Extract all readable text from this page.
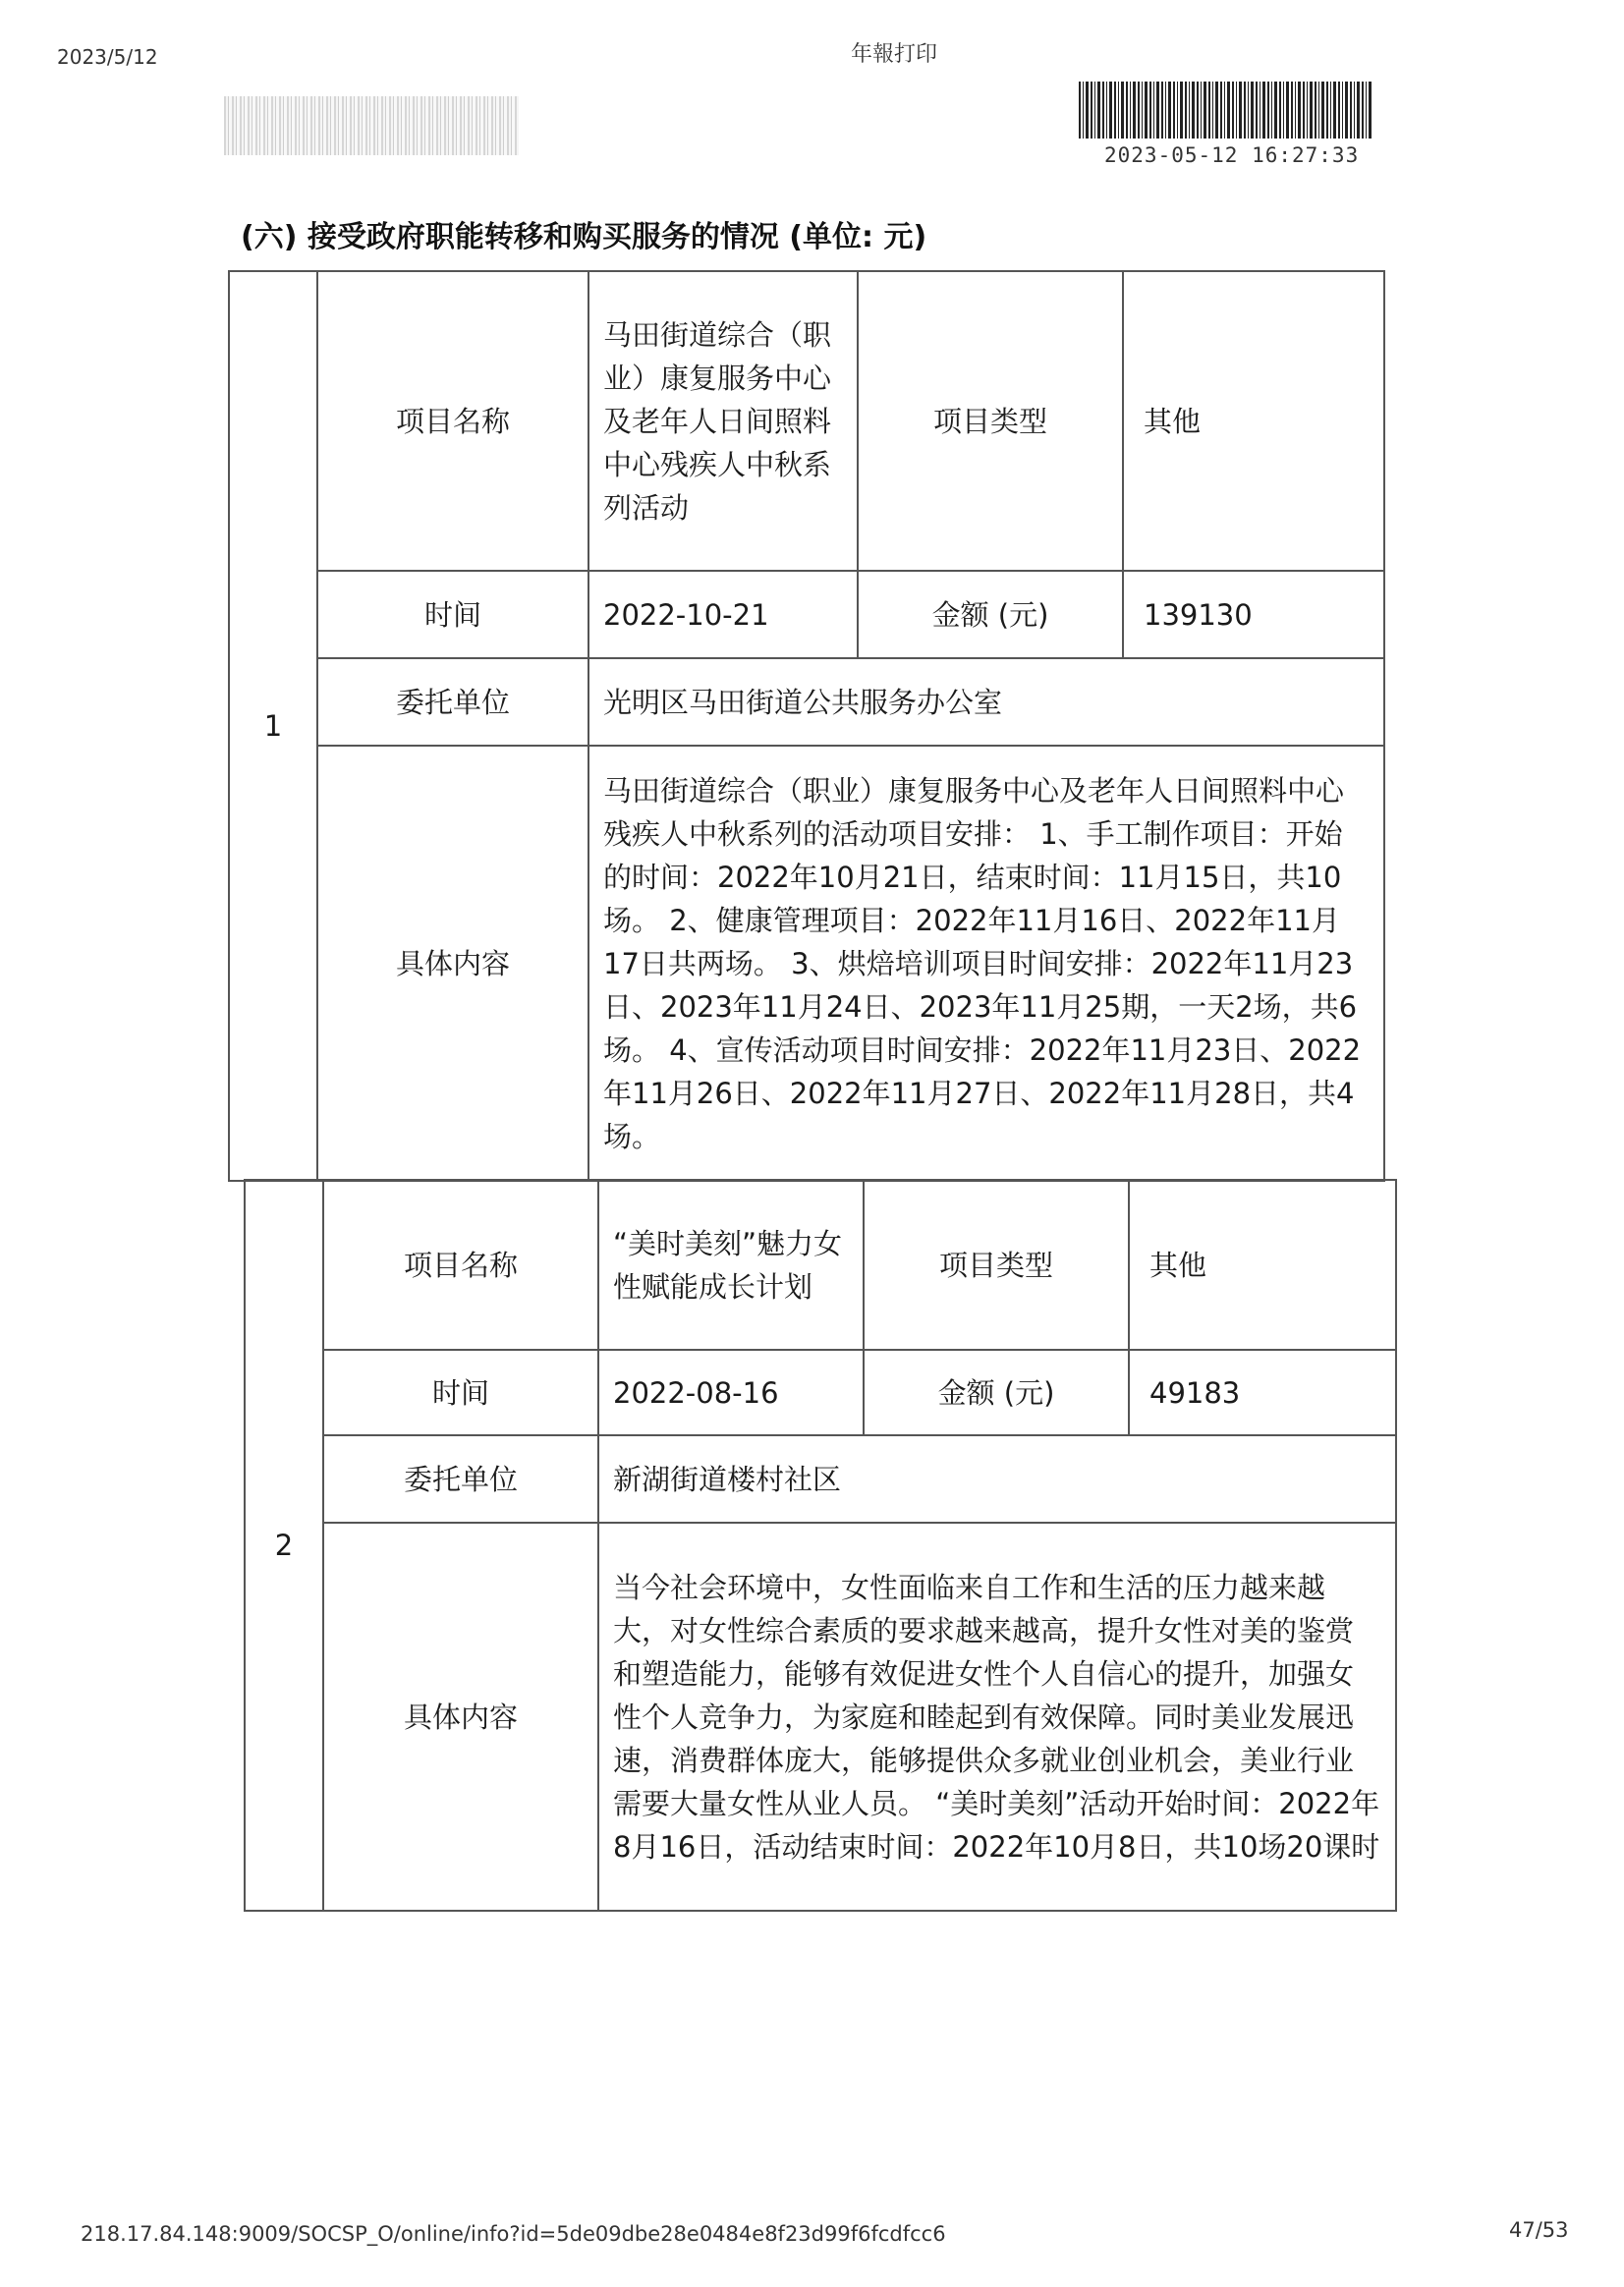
2023/5/12	年報打印
2023-05-12 16:27:33
(六) 接受政府职能转移和购买服务的情况 (单位: 元)
1	项目名称	马田街道综合（职业）康复服务中心及老年人日间照料中心残疾人中秋系列活动	项目类型	其他
	时间	2022-10-21	金额 (元)	139130
	委托单位	光明区马田街道公共服务办公室		
	具体内容	马田街道综合（职业）康复服务中心及老年人日间照料中心残疾人中秋系列的活动项目安排： 1、手工制作项目：开始的时间：2022年10月21日，结束时间：11月15日，共10场。 2、健康管理项目：2022年11月16日、2022年11月17日共两场。 3、烘焙培训项目时间安排：2022年11月23日、2023年11月24日、2023年11月25期，一天2场，共6场。 4、宣传活动项目时间安排：2022年11月23日、2022年11月26日、2022年11月27日、2022年11月28日，共4场。		
2	项目名称	“美时美刻”魅力女性赋能成长计划	项目类型	其他
	时间	2022-08-16	金额 (元)	49183
	委托单位	新湖街道楼村社区		
	具体内容	当今社会环境中，女性面临来自工作和生活的压力越来越大，对女性综合素质的要求越来越高，提升女性对美的鉴赏和塑造能力，能够有效促进女性个人自信心的提升，加强女性个人竞争力，为家庭和睦起到有效保障。同时美业发展迅速，消费群体庞大，能够提供众多就业创业机会，美业行业需要大量女性从业人员。 “美时美刻”活动开始时间：2022年8月16日，活动结束时间：2022年10月8日，共10场20课时		
218.17.84.148:9009/SOCSP_O/online/info?id=5de09dbe28e0484e8f23d99f6fcdfcc6	47/53
